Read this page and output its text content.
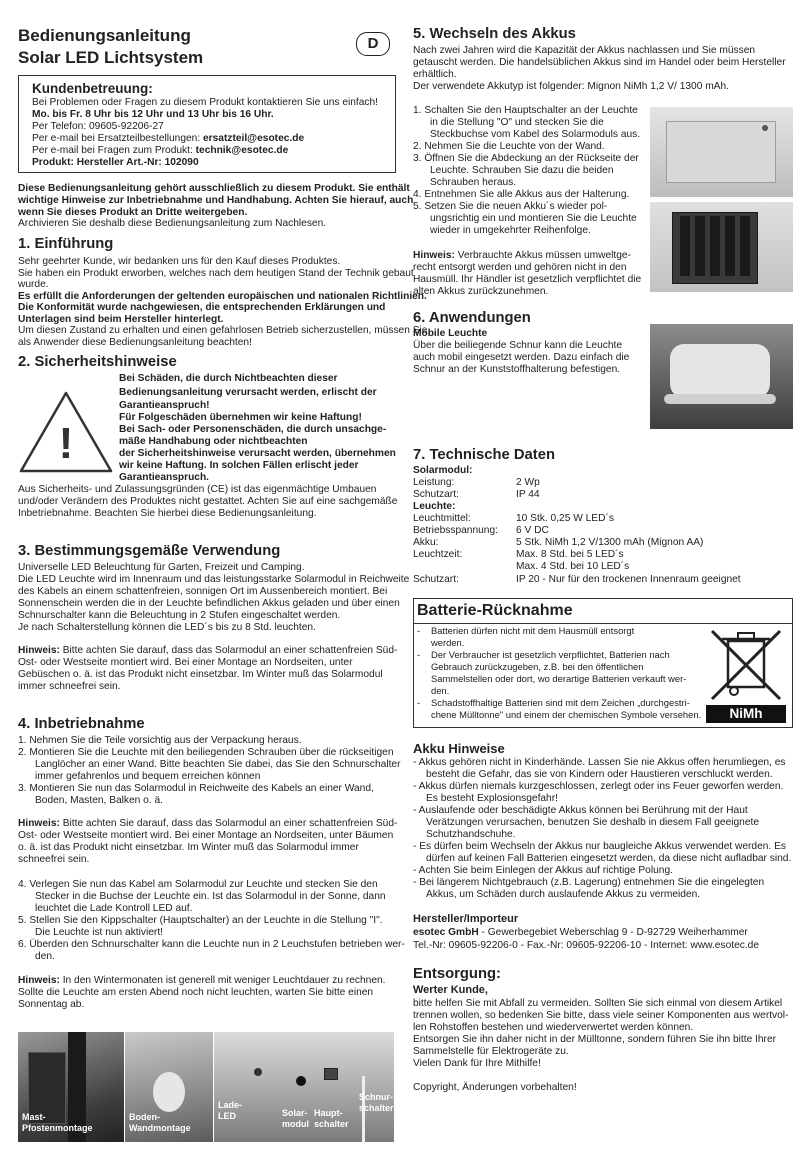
Bedienungsanleitung
Solar LED Lichtsystem
Kundenbetreuung:
Bei Problemen oder Fragen zu diesem Produkt kontaktieren Sie uns einfach!
Mo. bis Fr. 8 Uhr bis 12 Uhr und 13 Uhr bis 16 Uhr.
Per Telefon: 09605-92206-27
Per e-mail bei Ersatzteilbestellungen: ersatzteil@esotec.de
Per e-mail bei Fragen zum Produkt: technik@esotec.de
Produkt: Hersteller Art.-Nr: 102090
Diese Bedienungsanleitung gehört ausschließlich zu diesem Produkt. Sie enthält
wichtige Hinweise zur Inbetriebnahme und Handhabung. Achten Sie hierauf, auch
wenn Sie dieses Produkt an Dritte weitergeben.
Archivieren Sie deshalb diese Bedienungsanleitung zum Nachlesen.
1. Einführung
Sehr geehrter Kunde, wir bedanken uns für den Kauf dieses Produktes.
Sie haben ein Produkt erworben, welches nach dem heutigen Stand der Technik gebaut
wurde.
Es erfüllt die Anforderungen der geltenden europäischen und nationalen Richtlinien.
Die Konformität wurde nachgewiesen, die entsprechenden Erklärungen und
Unterlagen sind beim Hersteller hinterlegt.
Um diesen Zustand zu erhalten und einen gefahrlosen Betrieb sicherzustellen, müssen Sie
als Anwender diese Bedienungsanleitung beachten!
2. Sicherheitshinweise
!
Bei Schäden, die durch Nichtbeachten dieser
Bedienungsanleitung verursacht werden, erlischt der
Garantieanspruch!
Für Folgeschäden übernehmen wir keine Haftung!
Bei Sach- oder Personenschäden, die durch unsachge-
mäße Handhabung oder nichtbeachten
der Sicherheitshinweise verursacht werden, übernehmen
wir keine Haftung. In solchen Fällen erlischt jeder
Garantieanspruch.
Aus Sicherheits- und Zulassungsgründen (CE) ist das eigenmächtige Umbauen
und/oder Verändern des Produktes nicht gestattet. Achten Sie auf eine sachgemäße
Inbetriebnahme. Beachten Sie hierbei diese Bedienungsanleitung.
3. Bestimmungsgemäße Verwendung
Universelle LED Beleuchtung für Garten, Freizeit und Camping.
Die LED Leuchte wird im Innenraum und das leistungsstarke Solarmodul in Reichweite
des Kabels an einem schattenfreien, sonnigen Ort im Aussenbereich montiert. Bei
Sonnenschein werden die in der Leuchte befindlichen Akkus geladen und über einen
Schnurschalter kann die Beleuchtung in 2 Stufen eingeschaltet werden.
Je nach Schalterstellung können die LED´s bis zu 8 Std. leuchten.
Hinweis: Bitte achten Sie darauf, dass das Solarmodul an einer schattenfreien Süd-
Ost- oder Westseite montiert wird. Bei einer Montage an Nordseiten, unter
Gebüschen o. ä. ist das Produkt nicht einsetzbar. Im Winter muß das Solarmodul
immer schneefrei sein.
4. Inbetriebnahme
1. Nehmen Sie die Teile vorsichtig aus der Verpackung heraus.
2. Montieren Sie die Leuchte mit den beiliegenden Schrauben über die rückseitigen
Langlöcher an einer Wand. Bitte beachten Sie dabei, das Sie den Schnurschalter
immer gefahrenlos und bequem erreichen können
3. Montieren Sie nun das Solarmodul in Reichweite des Kabels an einer Wand,
Boden, Masten, Balken o. ä.
Hinweis: Bitte achten Sie darauf, dass das Solarmodul an einer schattenfreien Süd-
Ost- oder Westseite montiert wird. Bei einer Montage an Nordseiten, unter Bäumen
o. ä. ist das Produkt nicht einsetzbar. Im Winter muß das Solarmodul immer
schneefrei sein.
4. Verlegen Sie nun das Kabel am Solarmodul zur Leuchte und stecken Sie den
Stecker in die Buchse der Leuchte ein. Ist das Solarmodul in der Sonne, dann
leuchtet die Lade Kontroll LED auf.
5. Stellen Sie den Kippschalter (Hauptschalter) an der Leuchte in die Stellung "I".
Die Leuchte ist nun aktiviert!
6. Überden den Schnurschalter kann die Leuchte nun in 2 Leuchstufen betrieben wer-
den.
Hinweis: In den Wintermonaten ist generell mit weniger Leuchtdauer zu rechnen.
Sollte die Leuchte am ersten Abend noch nicht leuchten, warten Sie bitte einen
Sonnentag ab.
Mast-
Pfostenmontage
Boden-
Wandmontage
Lade-
LED	Solar-
modul
Haupt-
schalter
Schnur-
schalter
D
5. Wechseln des Akkus
Nach zwei Jahren wird die Kapazität der Akkus nachlassen und Sie müssen
getauscht werden. Die handelsüblichen Akkus sind im Handel oder beim Hersteller
erhältlich.
Der verwendete Akkutyp ist folgender: Mignon NiMh 1,2 V/ 1300 mAh.
1. Schalten Sie den Hauptschalter an der Leuchte
in die Stellung "O" und stecken Sie die
Steckbuchse vom Kabel des Solarmoduls aus.
2. Nehmen Sie die Leuchte von der Wand.
3. Öffnen Sie die Abdeckung an der Rückseite der
Leuchte. Schrauben Sie dazu die beiden
Schrauben heraus.
4. Entnehmen Sie alle Akkus aus der Halterung.
5. Setzen Sie die neuen Akku´s wieder pol-
ungsrichtig ein und montieren Sie die Leuchte
wieder in umgekehrter Reihenfolge.
Hinweis: Verbrauchte Akkus müssen umweltge-
recht entsorgt werden und gehören nicht in den
Hausmüll. Ihr Händler ist gesetzlich verpflichtet die
alten Akkus zurückzunehmen.
6. Anwendungen
Mobile Leuchte
Über die beiliegende Schnur kann die Leuchte
auch mobil eingesetzt werden. Dazu einfach die
Schnur an der Kunststoffhalterung befestigen.
7. Technische Daten
Solarmodul:
Leistung:	2 Wp
Schutzart:	IP 44
Leuchte:
Leuchtmittel:	10 Stk. 0,25 W LED´s
Betriebsspannung: 6 V DC
Akku:	5 Stk. NiMh 1,2 V/1300 mAh (Mignon AA)
Leuchtzeit:	Max. 8 Std. bei 5 LED´s
Max. 4 Std. bei 10 LED´s
Schutzart:	IP 20 - Nur für den trockenen Innenraum geeignet
Batterie-Rücknahme
- Batterien dürfen nicht mit dem Hausmüll entsorgt
werden.
- Der Verbraucher ist gesetzlich verpflichtet, Batterien nach
Gebrauch zurückzugeben, z.B. bei den öffentlichen
Sammelstellen oder dort, wo derartige Batterien verkauft wer-
den.
- Schadstoffhaltige Batterien sind mit dem Zeichen „durchgestri-
chene Mülltonne" und einem der chemischen Symbole versehen.	NiMh
Akku Hinweise
- Akkus gehören nicht in Kinderhände. Lassen Sie nie Akkus offen herumliegen, es
besteht die Gefahr, das sie von Kindern oder Haustieren verschluckt werden.
- Akkus dürfen niemals kurzgeschlossen, zerlegt oder ins Feuer geworfen werden.
Es besteht Explosionsgefahr!
- Auslaufende oder beschädigte Akkus können bei Berührung mit der Haut
Verätzungen verursachen, benutzen Sie deshalb in diesem Fall geeignete
Schutzhandschuhe.
- Es dürfen beim Wechseln der Akkus nur baugleiche Akkus verwendet werden. Es
dürfen auf keinen Fall Batterien eingesetzt werden, da diese nicht aufladbar sind.
- Achten Sie beim Einlegen der Akkus auf richtige Polung.
- Bei längerem Nichtgebrauch (z.B. Lagerung) entnehmen Sie die eingelegten
Akkus, um Schäden durch auslaufende Akkus zu vermeiden.
Hersteller/Importeur
esotec GmbH - Gewerbegebiet Weberschlag 9 - D-92729 Weiherhammer
Tel.-Nr: 09605-92206-0 - Fax.-Nr: 09605-92206-10 - Internet: www.esotec.de
Entsorgung:
Werter Kunde,
bitte helfen Sie mit Abfall zu vermeiden. Sollten Sie sich einmal von diesem Artikel
trennen wollen, so bedenken Sie bitte, dass viele seiner Komponenten aus wertvol-
len Rohstoffen bestehen und wiederverwertet werden können.
Entsorgen Sie ihn daher nicht in der Mülltonne, sondern führen Sie ihn bitte Ihrer
Sammelstelle für Elektrogeräte zu.
Vielen Dank für Ihre Mithilfe!
Copyright, Änderungen vorbehalten!
